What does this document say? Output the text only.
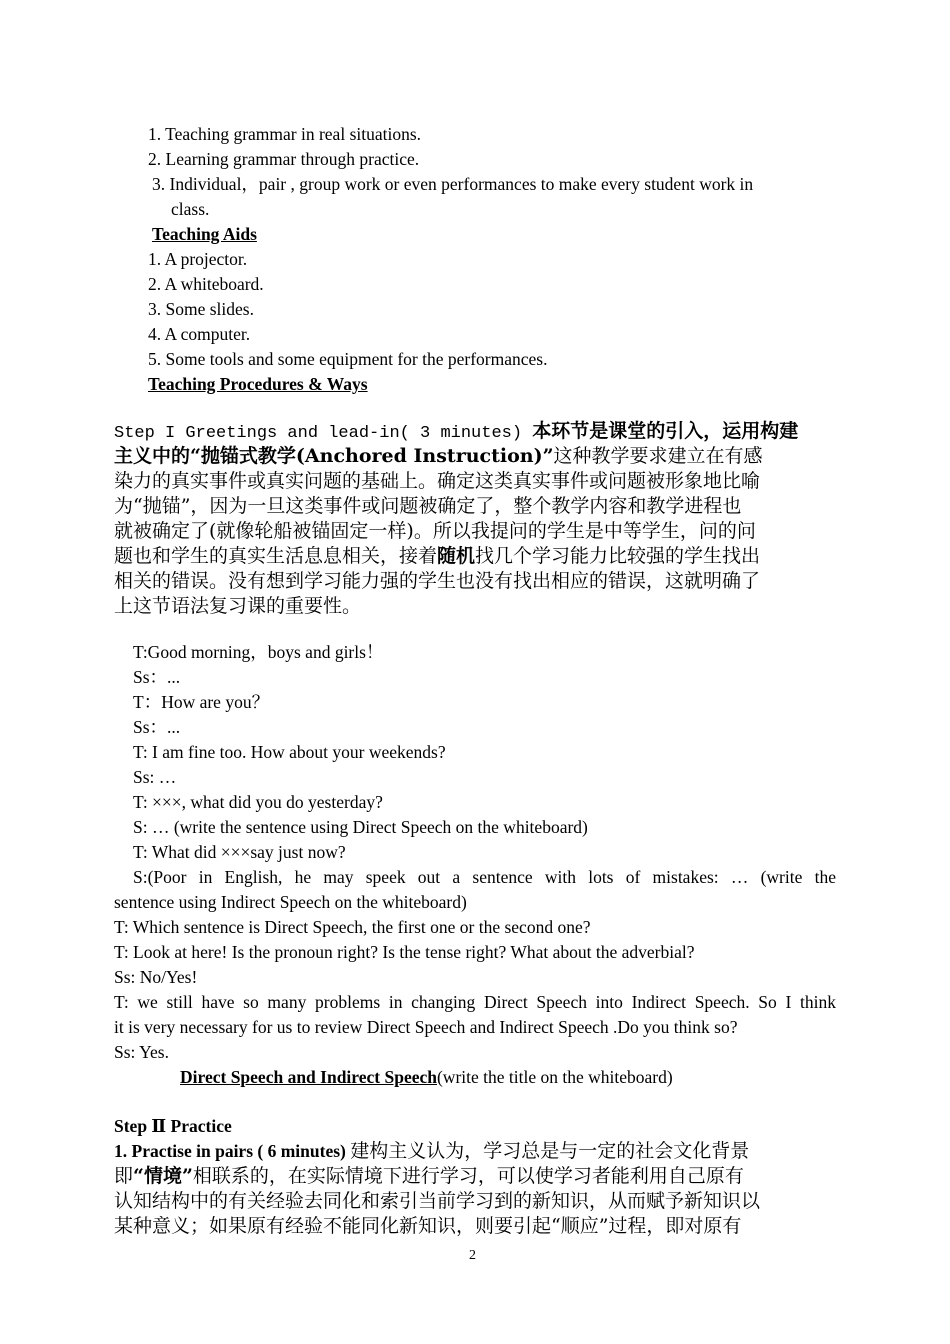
1. Teaching grammar in real situations.
2. Learning grammar through practice.
3. Individual，pair , group work or even performances to make every student work in
class.
Teaching Aids
1. A projector.
2. A whiteboard.
3. Some slides.
4. A computer.
5. Some tools and some equipment for the performances.
Teaching Procedures & Ways
Step I Greetings and lead-in( 3 minutes) 本环节是课堂的引入，运用构建
主义中的“抛锚式教学(Anchored Instruction)”这种教学要求建立在有感
染力的真实事件或真实问题的基础上。确定这类真实事件或问题被形象地比喻
为“抛锚”，因为一旦这类事件或问题被确定了，整个教学内容和教学进程也
就被确定了(就像轮船被锚固定一样)。所以我提问的学生是中等学生，问的问
题也和学生的真实生活息息相关，接着随机找几个学习能力比较强的学生找出
相关的错误。没有想到学习能力强的学生也没有找出相应的错误，这就明确了
上这节语法复习课的重要性。
T:Good morning，boys and girls！
Ss：...
T：How are you？
Ss：...
T: I am fine too. How about your weekends?
Ss: …
T: ×××, what did you do yesterday?
S: … (write the sentence using Direct Speech on the whiteboard)
T: What did ×××say just now?
S:(Poor in English, he may speek out a sentence with lots of mistakes: … (write the
sentence using Indirect Speech on the whiteboard)
T: Which sentence is Direct Speech, the first one or the second one?
T: Look at here! Is the pronoun right? Is the tense right? What about the adverbial?
Ss: No/Yes!
T: we still have so many problems in changing Direct Speech into Indirect Speech. So I think
it is very necessary for us to review Direct Speech and Indirect Speech .Do you think so?
Ss: Yes.
Direct Speech and Indirect Speech(write the title on the whiteboard)
Step Ⅱ Practice
1. Practise in pairs ( 6 minutes) 建构主义认为，学习总是与一定的社会文化背景
即“情境”相联系的，在实际情境下进行学习，可以使学习者能利用自己原有
认知结构中的有关经验去同化和索引当前学习到的新知识，从而赋予新知识以
某种意义；如果原有经验不能同化新知识，则要引起“顺应”过程，即对原有
2
